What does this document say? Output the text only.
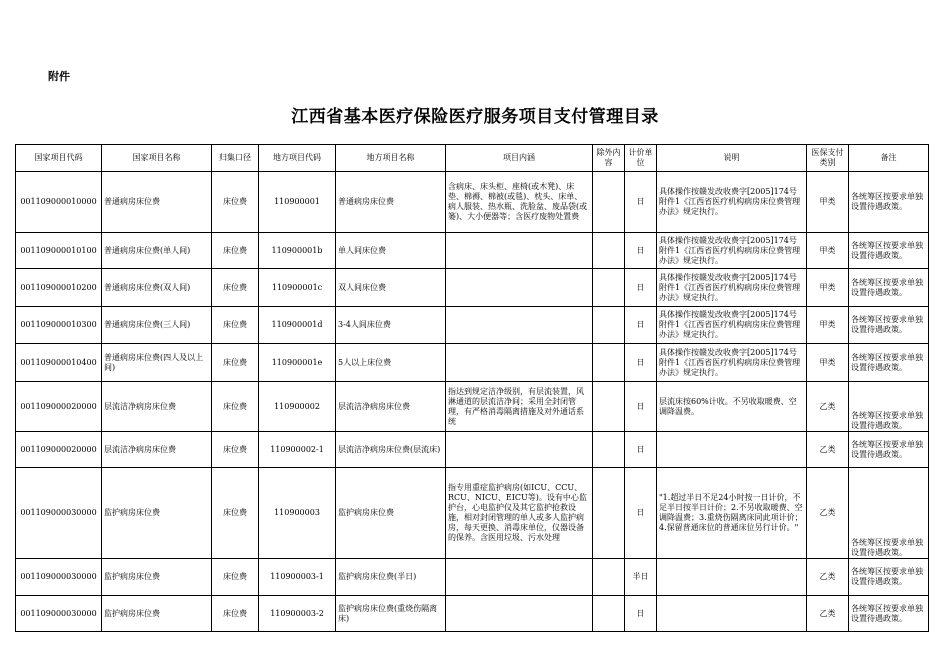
附件
江西省基本医疗保险医疗服务项目支付管理目录
国家项目代码	国家项目名称	归集口径	地方项目代码	地方项目名称	项目内涵	除外内容	计价单位	说明	医保支付类别	备注
001109000010000	普通病房床位费	床位费	110900001	普通病房床位费	含病床、床头柜、座椅(或木凳)、床垫、棉褥、棉被(或毯)、枕头、床单、病人服装、热水瓶、洗脸盆、废品袋(或篓)、大小便器等；含医疗废物处置费		日	具体操作按赣发改收费字[2005]174号附件1《江西省医疗机构病房床位费管理办法》规定执行。	甲类	各统筹区按要求单独设置待遇政策。
001109000010100	普通病房床位费(单人间)	床位费	110900001b	单人间床位费			日	具体操作按赣发改收费字[2005]174号附件1《江西省医疗机构病房床位费管理办法》规定执行。	甲类	各统筹区按要求单独设置待遇政策。
001109000010200	普通病房床位费(双人间)	床位费	110900001c	双人间床位费			日	具体操作按赣发改收费字[2005]174号附件1《江西省医疗机构病房床位费管理办法》规定执行。	甲类	各统筹区按要求单独设置待遇政策。
001109000010300	普通病房床位费(三人间)	床位费	110900001d	3-4人间床位费			日	具体操作按赣发改收费字[2005]174号附件1《江西省医疗机构病房床位费管理办法》规定执行。	甲类	各统筹区按要求单独设置待遇政策。
001109000010400	普通病房床位费(四人及以上间)	床位费	110900001e	5人以上床位费			日	具体操作按赣发改收费字[2005]174号附件1《江西省医疗机构病房床位费管理办法》规定执行。	甲类	各统筹区按要求单独设置待遇政策。
001109000020000	层流洁净病房床位费	床位费	110900002	层流洁净病房床位费	指达到规定洁净级别，有层流装置，风淋通道的层流洁净间；采用全封闭管理，有严格消毒隔离措施及对外通话系统		日	层流床按60%计收。不另收取暖费、空调降温费。	乙类	各统筹区按要求单独设置待遇政策。
001109000020000	层流洁净病房床位费	床位费	110900002-1	层流洁净病房床位费(层流床)			日		乙类	各统筹区按要求单独设置待遇政策。
001109000030000	监护病房床位费	床位费	110900003	监护病房床位费	指专用重症监护病房(如ICU、CCU、RCU、NICU、EICU等)。设有中心监护台，心电监护仪及其它监护抢救设施，相对封闭管理的单人或多人监护病房，每天更换、消毒床单位，仪器设备的保养。含医用垃圾、污水处理		日	"1.超过半日不足24小时按一日计价，不足半日按半日计价；2.不另收取暖费、空调降温费；3.重烧伤隔离床同此项计价；4.保留普通床位的普通床位另行计价。"	乙类	各统筹区按要求单独设置待遇政策。
001109000030000	监护病房床位费	床位费	110900003-1	监护病房床位费(半日)			半日		乙类	各统筹区按要求单独设置待遇政策。
001109000030000	监护病房床位费	床位费	110900003-2	监护病房床位费(重烧伤隔离床)			日		乙类	各统筹区按要求单独设置待遇政策。
